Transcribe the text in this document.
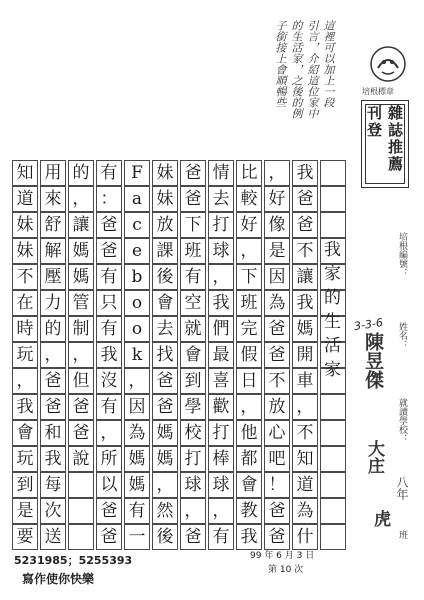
培根標章
這裡可以加上一段
引言，介紹這位家中
的生活家，之後的例
子銜接上會順暢些
雜誌推薦刊登
培根編號：
3-3-6 姓名：
陳昱傑
就讀學校：
大庄
八年
虎
班
我
爸
爸
不
讓
我
媽
開
車
，
不
知
道
為
什
，
好
像
是
因
為
爸
爸
不
放
心
吧
！
爸
爸
比
較
好
，
下
班
完
假
日
，
他
都
會
教
我
情
去
打
球
，
我
們
最
喜
歡
打
棒
球
，
有
爸
爸
下
班
有
空
就
會
到
學
校
打
球
，
爸
妹
妹
放
課
後
會
去
找
爸
爸
媽
媽
，
然
後
F
a
c
e
b
o
o
k
，
因
為
媽
媽
有
一
有
：
爸
爸
有
只
有
我
沒
有
，
所
以
爸
爸
的
，
讓
媽
媽
管
制
，
但
爸
爸
說
用
來
舒
解
壓
力
的
，
爸
爸
和
我
每
次
送
知
道
妹
妹
不
在
時
玩
，
我
會
玩
到
是
要
我家的生活家
5231985；5255393
寫作使你快樂
99 年 6 月 3 日
第 10 次
